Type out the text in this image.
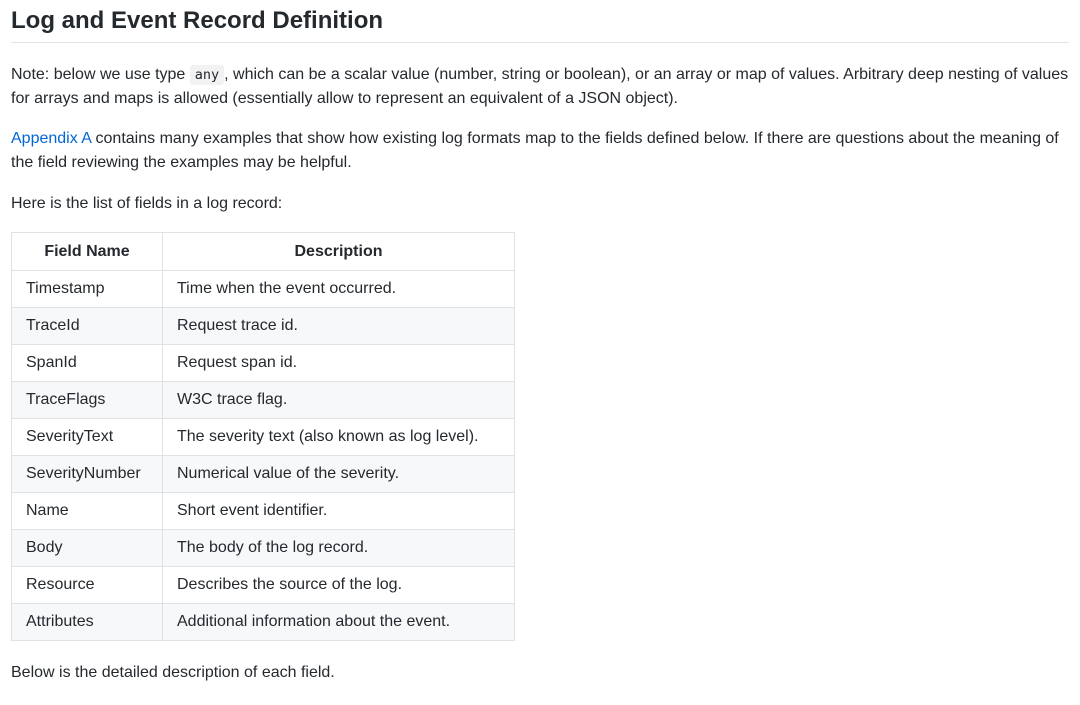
Log and Event Record Definition

Note: below we use type any , which can be a scalar value (number, string or boolean), or an array or map of values. Arbitrary deep nesting of values for arrays and maps is allowed (essentially allow to represent an equivalent of a JSON object).

Appendix A contains many examples that show how existing log formats map to the fields defined below. If there are questions about the meaning of the field reviewing the examples may be helpful.

Here is the list of fields in a log record:

Field Name	Description
Timestamp	Time when the event occurred.
TraceId	Request trace id.
SpanId	Request span id.
TraceFlags	W3C trace flag.
SeverityText	The severity text (also known as log level).
SeverityNumber	Numerical value of the severity.
Name	Short event identifier.
Body	The body of the log record.
Resource	Describes the source of the log.
Attributes	Additional information about the event.

Below is the detailed description of each field.
